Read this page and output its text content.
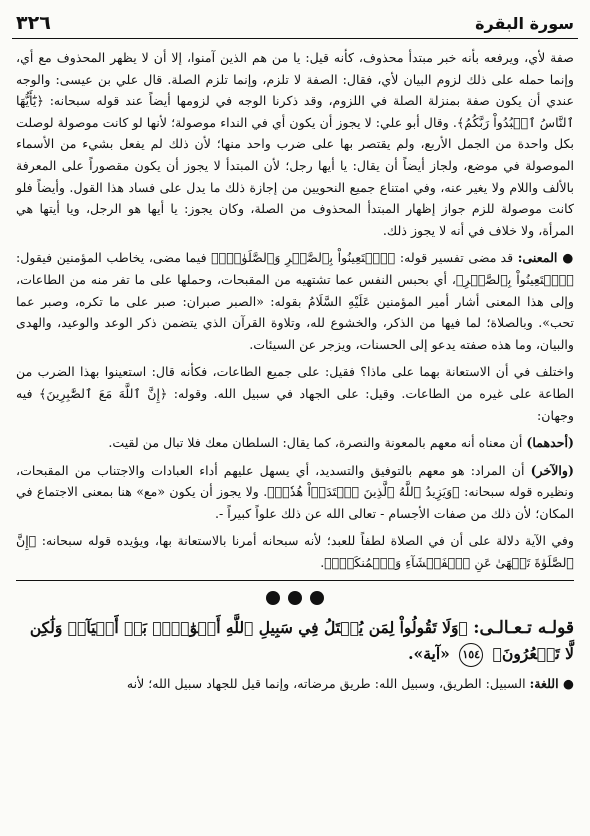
سورة البقرة
٣٢٦

صفة لأي، ويرفعه بأنه خبر مبتدأ محذوف، كأنه قيل: يا من هم الذين آمنوا، إلا أن لا يظهر المحذوف مع أي، وإنما حمله على ذلك لزوم البيان لأي، فقال: الصفة لا تلزم، وإنما تلزم الصلة. قال علي بن عيسى: والوجه عندي أن يكون صفة بمنزلة الصلة في اللزوم، وقد ذكرنا الوجه في لزومها أيضاً عند قوله سبحانه: ﴿يَٰٓأَيُّهَا ٱلنَّاسُ ٱعۡبُدُواْ رَبَّكُمُ﴾. وقال أبو علي: لا يجوز أن يكون أي في النداء موصولة؛ لأنها لو كانت موصولة لوصلت بكل واحدة من الجمل الأربع، ولم يقتصر بها على ضرب واحد منها؛ لأن ذلك لم يفعل بشيء من الأسماء الموصولة في موضع، ولجاز أيضاً أن يقال: يا أيها رجل؛ لأن المبتدأ لا يجوز أن يكون مقصوراً على المعرفة بالألف واللام ولا يغير عنه، وفي امتناع جميع النحويين من إجازة ذلك ما يدل على فساد هذا القول. وأيضاً فلو كانت موصولة للزم جواز إظهار المبتدأ المحذوف من الصلة، وكان يجوز: يا أيها هو الرجل، ويا أيتها هي المرأة، ولا خلاف في أنه لا يجوز ذلك.

● المعنى: قد مضى تفسير قوله: ﴿ٱسۡتَعِينُواْ بِٱلصَّبۡرِ وَٱلصَّلَوٰةِۚ﴾ فيما مضى، يخاطب المؤمنين فيقول: ﴿ٱسۡتَعِينُواْ بِٱلصَّبۡرِ﴾، أي بحبس النفس عما تشتهيه من المقبحات، وحملها على ما تفر منه من الطاعات، وإلى هذا المعنى أشار أمير المؤمنين عَلَيْهِ السَّلَامُ بقوله: «الصبر صبران: صبر على ما تكره، وصبر عما تحب». وبالصلاة؛ لما فيها من الذكر، والخشوع لله، وتلاوة القرآن الذي يتضمن ذكر الوعد والوعيد، والهدى والبيان، وما هذه صفته يدعو إلى الحسنات، ويزجر عن السيئات.

واختلف في أن الاستعانة بهما على ماذا؟ فقيل: على جميع الطاعات، فكأنه قال: استعينوا بهذا الضرب من الطاعة على غيره من الطاعات. وقيل: على الجهاد في سبيل الله. وقوله: ﴿إِنَّ ٱللَّهَ مَعَ ٱلصَّٰبِرِينَ﴾ فيه وجهان:

(أحدهما) أن معناه أنه معهم بالمعونة والنصرة، كما يقال: السلطان معك فلا تبال من لقيت.

(والآخر) أن المراد: هو معهم بالتوفيق والتسديد، أي يسهل عليهم أداء العبادات والاجتناب من المقبحات، ونظيره قوله سبحانه: ﴿وَيَزِيدُ ٱللَّهُ ٱلَّذِينَ ٱهۡتَدَوۡاْ هُدٗىۗ﴾. ولا يجوز أن يكون «مع» هنا بمعنى الاجتماع في المكان؛ لأن ذلك من صفات الأجسام - تعالى الله عن ذلك علواً كبيراً -.

وفي الآية دلالة على أن في الصلاة لطفاً للعبد؛ لأنه سبحانه أمرنا بالاستعانة بها، ويؤيده قوله سبحانه: ﴿إِنَّ ٱلصَّلَوٰةَ تَنۡهَىٰ عَنِ ٱلۡفَحۡشَآءِ وَٱلۡمُنكَرِۗ﴾.

قولـه تـعـالـى: ﴿وَلَا تَقُولُواْ لِمَن يُقۡتَلُ فِي سَبِيلِ ٱللَّهِ أَمۡوَٰتُۢۚ بَلۡ أَحۡيَآءٞ وَلَٰكِن لَّا تَشۡعُرُونَ﴾ ١٥٤ «آية».

● اللغة: السبيل: الطريق، وسبيل الله: طريق مرضاته، وإنما قيل للجهاد سبيل الله؛ لأنه
